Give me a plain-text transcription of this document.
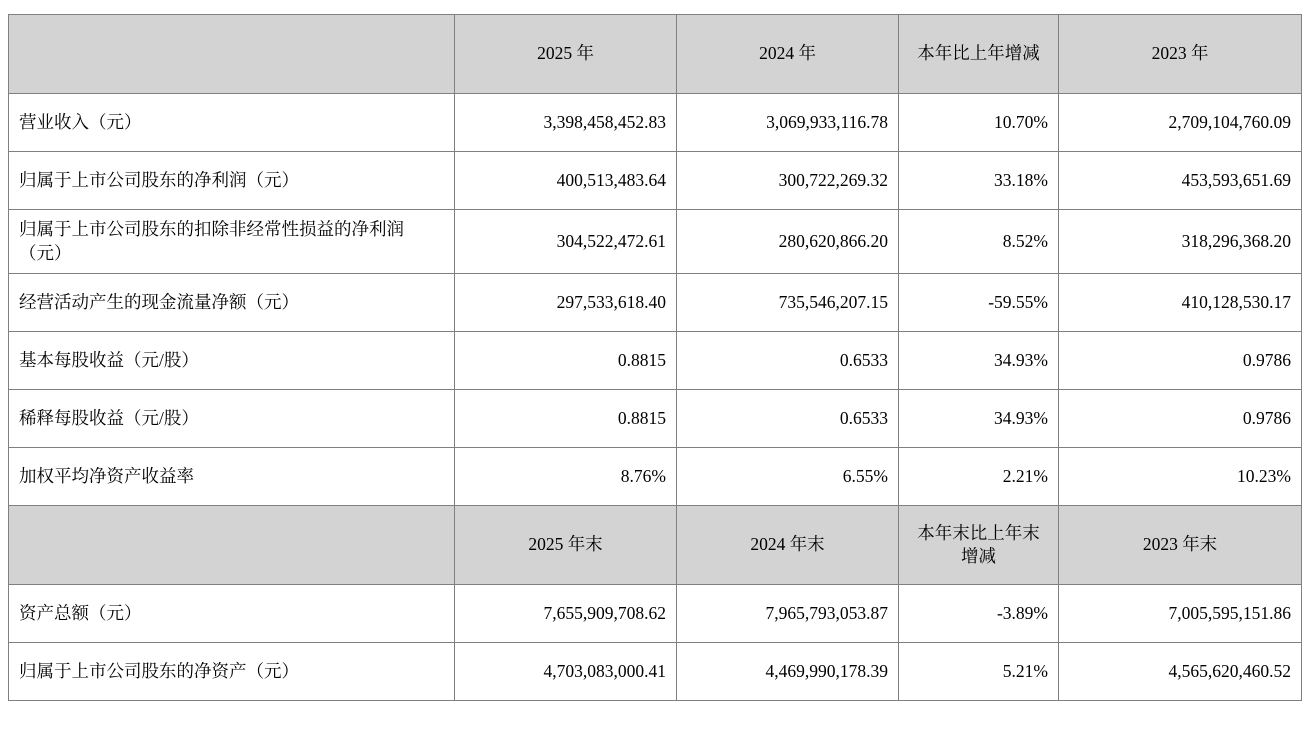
	2025 年	2024 年	本年比上年增减	2023 年
营业收入（元）	3,398,458,452.83	3,069,933,116.78	10.70%	2,709,104,760.09
归属于上市公司股东的净利润（元）	400,513,483.64	300,722,269.32	33.18%	453,593,651.69
归属于上市公司股东的扣除非经常性损益的净利润（元）	304,522,472.61	280,620,866.20	8.52%	318,296,368.20
经营活动产生的现金流量净额（元）	297,533,618.40	735,546,207.15	-59.55%	410,128,530.17
基本每股收益（元/股）	0.8815	0.6533	34.93%	0.9786
稀释每股收益（元/股）	0.8815	0.6533	34.93%	0.9786
加权平均净资产收益率	8.76%	6.55%	2.21%	10.23%
	2025 年末	2024 年末	本年末比上年末增减	2023 年末
资产总额（元）	7,655,909,708.62	7,965,793,053.87	-3.89%	7,005,595,151.86
归属于上市公司股东的净资产（元）	4,703,083,000.41	4,469,990,178.39	5.21%	4,565,620,460.52
